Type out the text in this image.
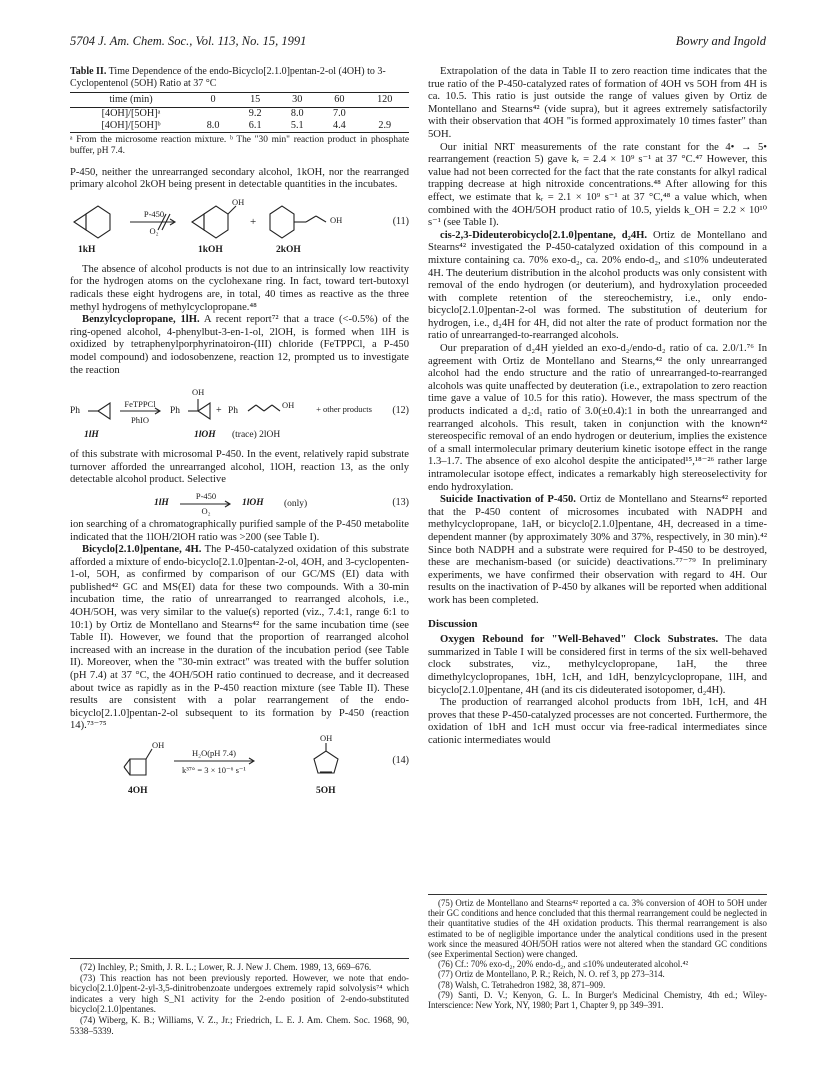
5704 J. Am. Chem. Soc., Vol. 113, No. 15, 1991	Bowry and Ingold
Table II. Time Dependence of the endo-Bicyclo[2.1.0]pentan-2-ol (4OH) to 3-Cyclopentenol (5OH) Ratio at 37 °C
time (min)	0	15	30	60	120
[4OH]/[5OH]ᵃ		9.2	8.0	7.0	
[4OH]/[5OH]ᵇ	8.0	6.1	5.1	4.4	2.9
ᵃ From the microsome reaction mixture. ᵇ The "30 min" reaction product in phosphate buffer, pH 7.4.

P-450, neither the unrearranged secondary alcohol, 1kOH, nor the rearranged primary alcohol 2kOH being present in detectable quantities in the incubates.

P-450
O₂
OH
+	OH	(11)
1kH	1kOH	2kOH

The absence of alcohol products is not due to an intrinsically low reactivity for the hydrogen atoms on the cyclohexane ring. In fact, toward tert-butoxyl radicals these eight hydrogens are, in total, 40 times as reactive as the three methyl hydrogens of methylcyclopropane.⁴⁸

Benzylcyclopropane, 1lH. A recent report⁷² that a trace (<-0.5%) of the ring-opened alcohol, 4-phenylbut-3-en-1-ol, 2lOH, is formed when 1lH is oxidized by tetraphenylporphyrinatoiron-(III) chloride (FeTPPCl, a P-450 model compound) and iodosobenzene, reaction 12, prompted us to investigate the reaction

Ph
FeTPPCl
PhIO
Ph
OH
+ Ph
OH	+ other products (12)
1lH	1lOH (trace) 2lOH

of this substrate with microsomal P-450. In the event, relatively rapid substrate turnover afforded the unrearranged alcohol, 1lOH, reaction 13, as the only detectable alcohol product. Selective

1lH
P-450
O₂
1lOH (only)	(13)

ion searching of a chromatographically purified sample of the P-450 metabolite indicated that the 1lOH/2lOH ratio was >200 (see Table I).

Bicyclo[2.1.0]pentane, 4H. The P-450-catalyzed oxidation of this substrate afforded a mixture of endo-bicyclo[2.1.0]pentan-2-ol, 4OH, and 3-cyclopenten-1-ol, 5OH, as confirmed by comparison of our GC/MS (EI) data with published⁴² GC and MS(EI) data for these two compounds. With a 30-min incubation time, the ratio of unrearranged to rearranged alcohols, i.e., 4OH/5OH, was very similar to the value(s) reported (viz., 7.4:1, range 6:1 to 10:1) by Ortiz de Montellano and Stearns⁴² for the same incubation time (see Table II). However, we found that the proportion of rearranged alcohol increased with an increase in the duration of the incubation period (see Table II). Moreover, when the "30-min extract" was treated with the buffer solution (pH 7.4) at 37 °C, the 4OH/5OH ratio continued to decrease, and it decreased about twice as rapidly as in the P-450 reaction mixture (see Table II). These results are consistent with a polar rearrangement of the endo-bicyclo[2.1.0]pentan-2-ol subsequent to its formation by P-450 (reaction 14).⁷³⁻⁷⁵

OH
H₂O(pH 7.4)
k³⁷° = 3 × 10⁻⁶ s⁻¹
OH
(14)
4OH	5OH
(72) Inchley, P.; Smith, J. R. L.; Lower, R. J. New J. Chem. 1989, 13, 669–676.
(73) This reaction has not been previously reported. However, we note that endo-bicyclo[2.1.0]pent-2-yl-3,5-dinitrobenzoate undergoes extremely rapid solvolysis⁷⁴ which indicates a very high S_N1 activity for the 2-endo position of 2-endo-substituted bicyclo[2.1.0]pentanes.
(74) Wiberg, K. B.; Williams, V. Z., Jr.; Friedrich, L. E. J. Am. Chem. Soc. 1968, 90, 5338–5339.

Extrapolation of the data in Table II to zero reaction time indicates that the true ratio of the P-450-catalyzed rates of formation of 4OH vs 5OH from 4H is ca. 10.5. This ratio is just outside the range of values given by Ortiz de Montellano and Stearns⁴² (vide supra), but it agrees extremely satisfactorily with their observation that 4OH "is formed approximately 10 times faster" than 5OH.

Our initial NRT measurements of the rate constant for the 4• → 5• rearrangement (reaction 5) gave kᵣ = 2.4 × 10⁹ s⁻¹ at 37 °C.⁴⁷ However, this value had not been corrected for the fact that the rate constants for alkyl radical trapping decrease at high nitroxide concentrations.⁴⁸ After allowing for this effect, we estimate that kᵣ = 2.1 × 10⁹ s⁻¹ at 37 °C,⁴⁸ a value which, when combined with the 4OH/5OH product ratio of 10.5, yields k_OH = 2.2 × 10¹⁰ s⁻¹ (see Table I).

cis-2,3-Dideuterobicyclo[2.1.0]pentane, d₂4H. Ortiz de Montellano and Stearns⁴² investigated the P-450-catalyzed oxidation of this compound in a mixture containing ca. 70% exo-d₂, ca. 20% endo-d₂, and ≤10% undeuterated 4H. The deuterium distribution in the alcohol products was only consistent with removal of the endo hydrogen (or deuterium), and hydroxylation proceeded with complete retention of the stereochemistry, i.e., only endo-bicyclo[2.1.0]pentan-2-ol was formed. The substitution of deuterium for hydrogen, i.e., d₂4H for 4H, did not alter the rate of product formation nor the ratio of unrearranged-to-rearranged alcohols.

Our preparation of d₂4H yielded an exo-d₂/endo-d₂ ratio of ca. 2.0/1.⁷⁶ In agreement with Ortiz de Montellano and Stearns,⁴² the only unrearranged alcohol had the endo structure and the ratio of unrearranged-to-rearranged alcohols was quite unaffected by deuteration (i.e., extrapolation to zero reaction time gave a value of 10.5 for this ratio). However, the mass spectrum of the products indicated a d₂:d₁ ratio of 3.0(±0.4):1 in both the unrearranged and rearranged alcohols. This result, taken in conjunction with the known⁴² stereospecific removal of an endo hydrogen or deuterium, implies the existence of a small intermolecular primary deuterium kinetic isotope effect in the range 1.3–1.7. The absence of exo alcohol despite the anticipated¹⁵,¹⁸⁻²⁶ rather large intramolecular isotope effect, indicates a remarkably high stereoselectivity for endo hydroxylation.

Suicide Inactivation of P-450. Ortiz de Montellano and Stearns⁴² reported that the P-450 content of microsomes incubated with NADPH and methylcyclopropane, 1aH, or bicyclo[2.1.0]pentane, 4H, decreased in a time-dependent manner (by approximately 30% and 37%, respectively, in 30 min).⁴² Since both NADPH and a substrate were required for P-450 to be destroyed, these are mechanism-based (or suicide) deactivations.⁷⁷⁻⁷⁹ In preliminary experiments, we have confirmed their observation with regard to 4H. Our results on the inactivation of P-450 by alkanes will be reported when additional work has been completed.

Discussion

Oxygen Rebound for "Well-Behaved" Clock Substrates. The data summarized in Table I will be considered first in terms of the six well-behaved clock substrates, viz., methylcyclopropane, 1aH, the three dimethylcyclopropanes, 1bH, 1cH, and 1dH, benzylcyclopropane, 1lH, and bicyclo[2.1.0]pentane, 4H (and its cis dideuterated isotopomer, d₂4H).

The production of rearranged alcohol products from 1bH, 1cH, and 4H proves that these P-450-catalyzed processes are not concerted. Furthermore, the oxidation of 1bH and 1cH must occur via free-radical intermediates since cationic intermediates would

(75) Ortiz de Montellano and Stearns⁴² reported a ca. 3% conversion of 4OH to 5OH under their GC conditions and hence concluded that this thermal rearrangement could be neglected in their quantitative studies of the 4H oxidation products. This thermal rearrangement is also estimated to be of negligible importance under the analytical conditions used in the present work since the measured 4OH/5OH ratios were not altered when the standard GC conditions (see Experimental Section) were changed.
(76) Cf.: 70% exo-d₂, 20% endo-d₂, and ≤10% undeuterated alcohol.⁴²
(77) Ortiz de Montellano, P. R.; Reich, N. O. ref 3, pp 273–314.
(78) Walsh, C. Tetrahedron 1982, 38, 871–909.
(79) Santi, D. V.; Kenyon, G. L. In Burger's Medicinal Chemistry, 4th ed.; Wiley-Interscience: New York, NY, 1980; Part 1, Chapter 9, pp 349–391.
